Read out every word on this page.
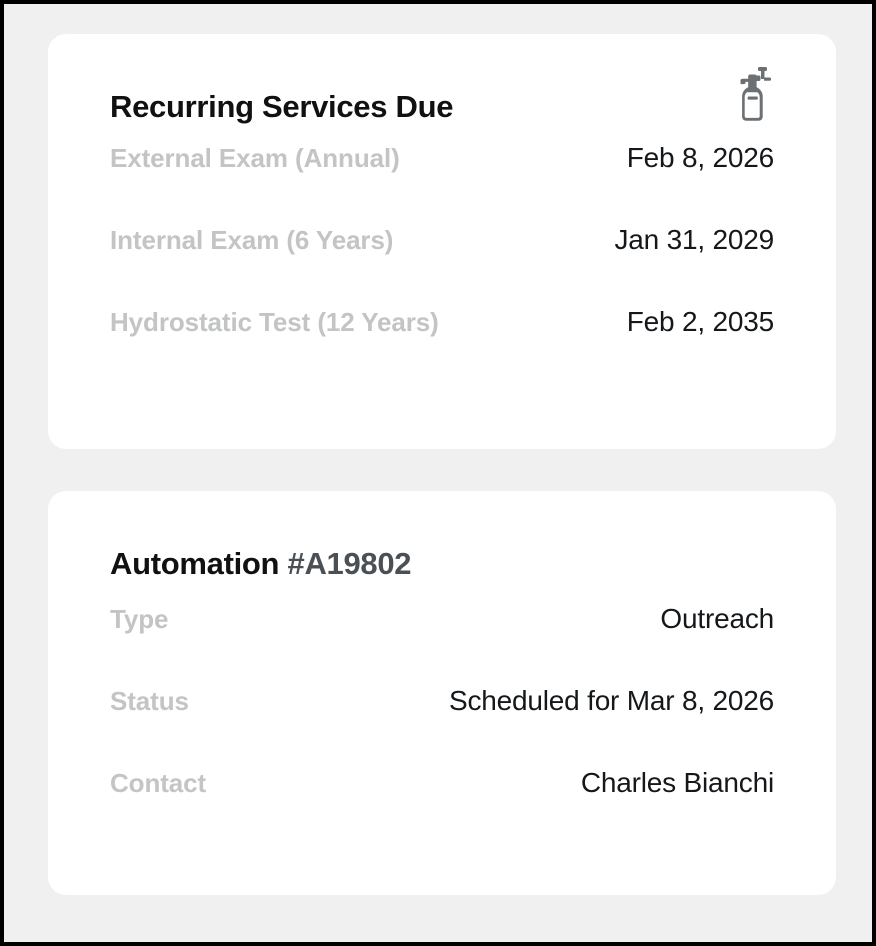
Recurring Services Due
External Exam (Annual)	Feb 8, 2026
Internal Exam (6 Years)	Jan 31, 2029
Hydrostatic Test (12 Years)	Feb 2, 2035
Automation #A19802
Type	Outreach
Status	Scheduled for Mar 8, 2026
Contact	Charles Bianchi
